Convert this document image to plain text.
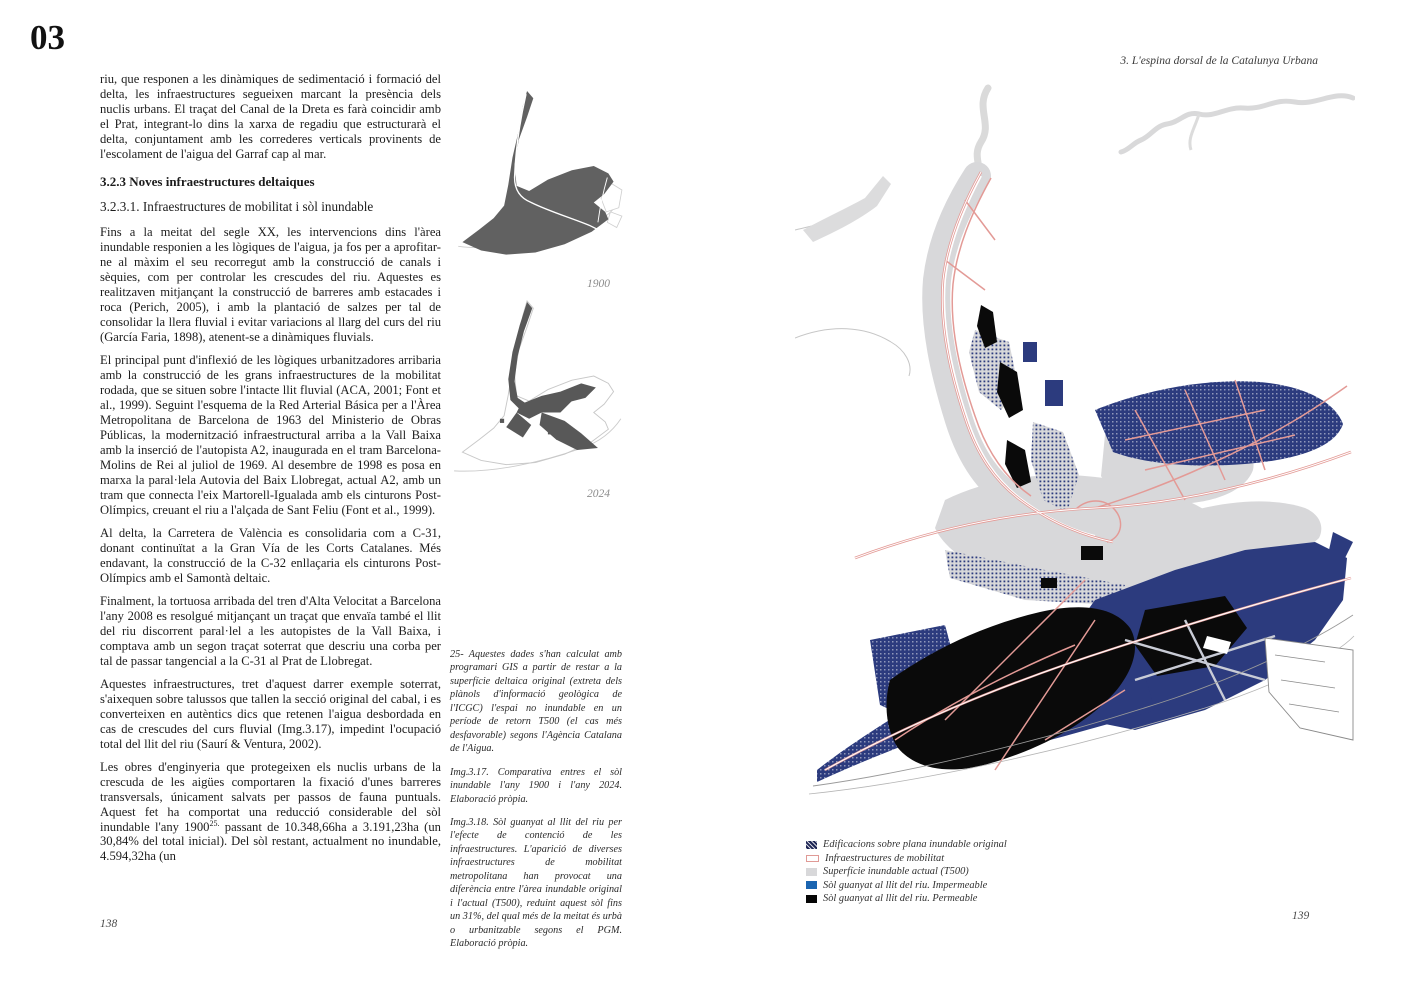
03
3. L'espina dorsal de la Catalunya Urbana

riu, que responen a les dinàmiques de sedimentació i formació del delta, les infraestructures segueixen marcant la presència dels nuclis urbans. El traçat del Canal de la Dreta es farà coincidir amb el Prat, integrant-lo dins la xarxa de regadiu que estructurarà el delta, conjuntament amb les correderes verticals provinents de l'escolament de l'aigua del Garraf cap al mar.

3.2.3 Noves infraestructures deltaiques
3.2.3.1. Infraestructures de mobilitat i sòl inundable

Fins a la meitat del segle XX, les intervencions dins l'àrea inundable responien a les lògiques de l'aigua, ja fos per a aprofitar-ne al màxim el seu recorregut amb la construcció de canals i sèquies, com per controlar les crescudes del riu. Aquestes es realitzaven mitjançant la construcció de barreres amb estacades i roca (Perich, 2005), i amb la plantació de salzes per tal de consolidar la llera fluvial i evitar variacions al llarg del curs del riu (García Faria, 1898), atenent-se a dinàmiques fluvials.

El principal punt d'inflexió de les lògiques urbanitzadores arribaria amb la construcció de les grans infraestructures de la mobilitat rodada, que se situen sobre l'intacte llit fluvial (ACA, 2001; Font et al., 1999). Seguint l'esquema de la Red Arterial Básica per a l'Àrea Metropolitana de Barcelona de 1963 del Ministerio de Obras Públicas, la modernització infraestructural arriba a la Vall Baixa amb la inserció de l'autopista A2, inaugurada en el tram Barcelona-Molins de Rei al juliol de 1969. Al desembre de 1998 es posa en marxa la paral·lela Autovia del Baix Llobregat, actual A2, amb un tram que connecta l'eix Martorell-Igualada amb els cinturons Post-Olímpics, creuant el riu a l'alçada de Sant Feliu (Font et al., 1999).

Al delta, la Carretera de València es consolidaria com a C-31, donant continuïtat a la Gran Vía de les Corts Catalanes. Més endavant, la construcció de la C-32 enllaçaria els cinturons Post-Olímpics amb el Samontà deltaic.

Finalment, la tortuosa arribada del tren d'Alta Velocitat a Barcelona l'any 2008 es resolgué mitjançant un traçat que envaïa també el llit del riu discorrent paral·lel a les autopistes de la Vall Baixa, i comptava amb un segon traçat soterrat que descriu una corba per tal de passar tangencial a la C-31 al Prat de Llobregat.

Aquestes infraestructures, tret d'aquest darrer exemple soterrat, s'aixequen sobre talussos que tallen la secció original del cabal, i es converteixen en autèntics dics que retenen l'aigua desbordada en cas de crescudes del curs fluvial (Img.3.17), impedint l'ocupació total del llit del riu (Saurí & Ventura, 2002).

Les obres d'enginyeria que protegeixen els nuclis urbans de la crescuda de les aigües comportaren la fixació d'unes barreres transversals, únicament salvats per passos de fauna puntuals. Aquest fet ha comportat una reducció considerable del sòl inundable l'any $1900^{25.}$ passant de 10.348,66ha a 3.191,23ha (un 30,84% del total inicial). Del sòl restant, actualment no inundable, 4.594,32ha (un

1900
2024

25- Aquestes dades s'han calculat amb programari GIS a partir de restar a la superfície deltaica original (extreta dels plànols d'informació geològica de l'ICGC) l'espai no inundable en un període de retorn T500 (el cas més desfavorable) segons l'Agència Catalana de l'Aigua.

Img.3.17. Comparativa entres el sòl inundable l'any 1900 i l'any 2024. Elaboració pròpia.

Img.3.18. Sòl guanyat al llit del riu per l'efecte de contenció de les infraestructures. L'aparició de diverses infraestructures de mobilitat metropolitana han provocat una diferència entre l'àrea inundable original i l'actual (T500), reduint aquest sòl fins un 31%, del qual més de la meitat és urbà o urbanitzable segons el PGM. Elaboració pròpia.

Edificacions sobre plana inundable original
Infraestructures de mobilitat
Superfície inundable actual (T500)
Sòl guanyat al llit del riu. Impermeable
Sòl guanyat al llit del riu. Permeable
138
139
